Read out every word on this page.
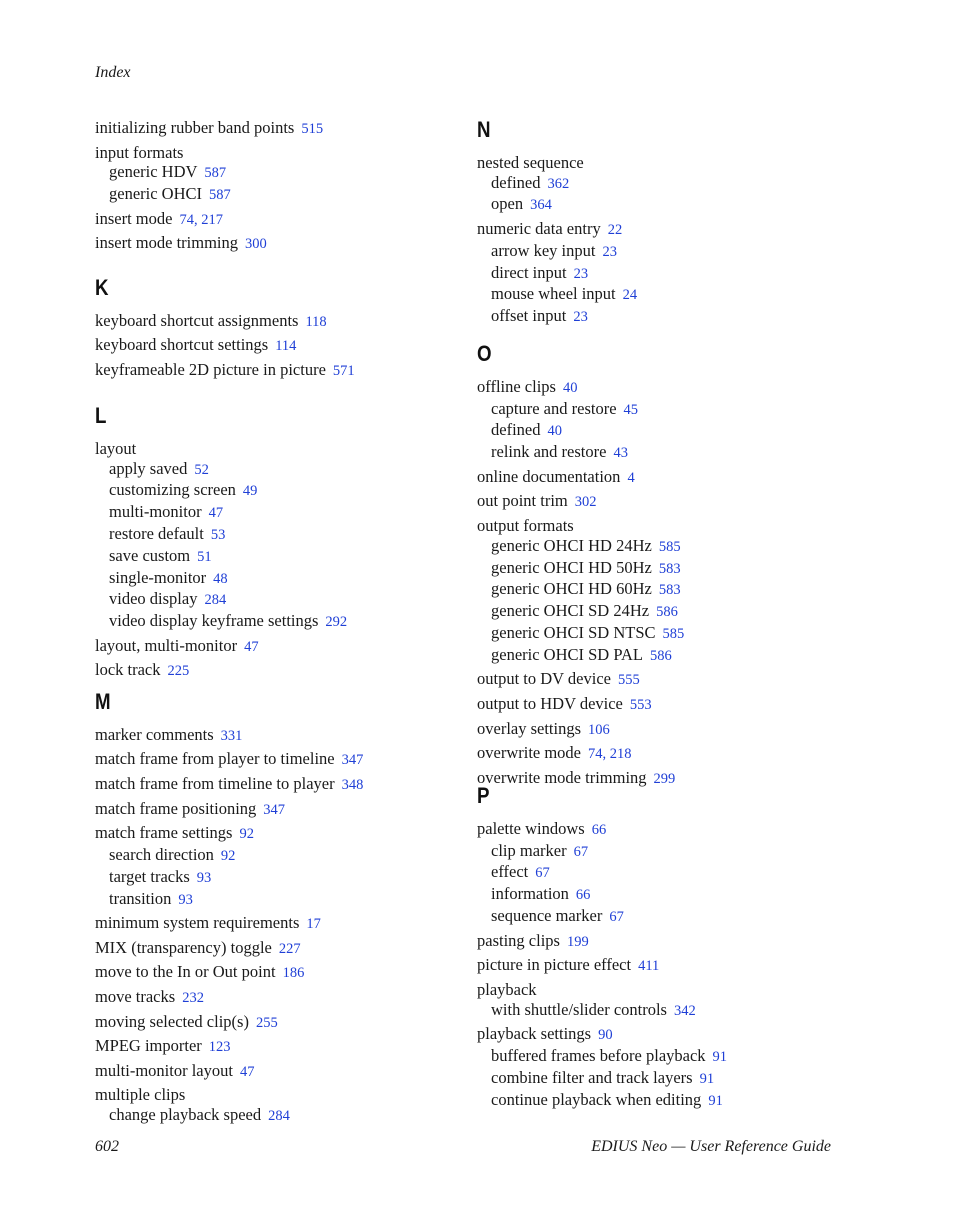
Index
initializing rubber band points 515
input formats
generic HDV 587
generic OHCI 587
insert mode 74, 217
insert mode trimming 300
K
keyboard shortcut assignments 118
keyboard shortcut settings 114
keyframeable 2D picture in picture 571
L
layout
apply saved 52
customizing screen 49
multi-monitor 47
restore default 53
save custom 51
single-monitor 48
video display 284
video display keyframe settings 292
layout, multi-monitor 47
lock track 225
M
marker comments 331
match frame from player to timeline 347
match frame from timeline to player 348
match frame positioning 347
match frame settings 92
search direction 92
target tracks 93
transition 93
minimum system requirements 17
MIX (transparency) toggle 227
move to the In or Out point 186
move tracks 232
moving selected clip(s) 255
MPEG importer 123
multi-monitor layout 47
multiple clips
change playback speed 284
N
nested sequence
defined 362
open 364
numeric data entry 22
arrow key input 23
direct input 23
mouse wheel input 24
offset input 23
O
offline clips 40
capture and restore 45
defined 40
relink and restore 43
online documentation 4
out point trim 302
output formats
generic OHCI HD 24Hz 585
generic OHCI HD 50Hz 583
generic OHCI HD 60Hz 583
generic OHCI SD 24Hz 586
generic OHCI SD NTSC 585
generic OHCI SD PAL 586
output to DV device 555
output to HDV device 553
overlay settings 106
overwrite mode 74, 218
overwrite mode trimming 299
P
palette windows 66
clip marker 67
effect 67
information 66
sequence marker 67
pasting clips 199
picture in picture effect 411
playback
with shuttle/slider controls 342
playback settings 90
buffered frames before playback 91
combine filter and track layers 91
continue playback when editing 91
602	EDIUS Neo — User Reference Guide
